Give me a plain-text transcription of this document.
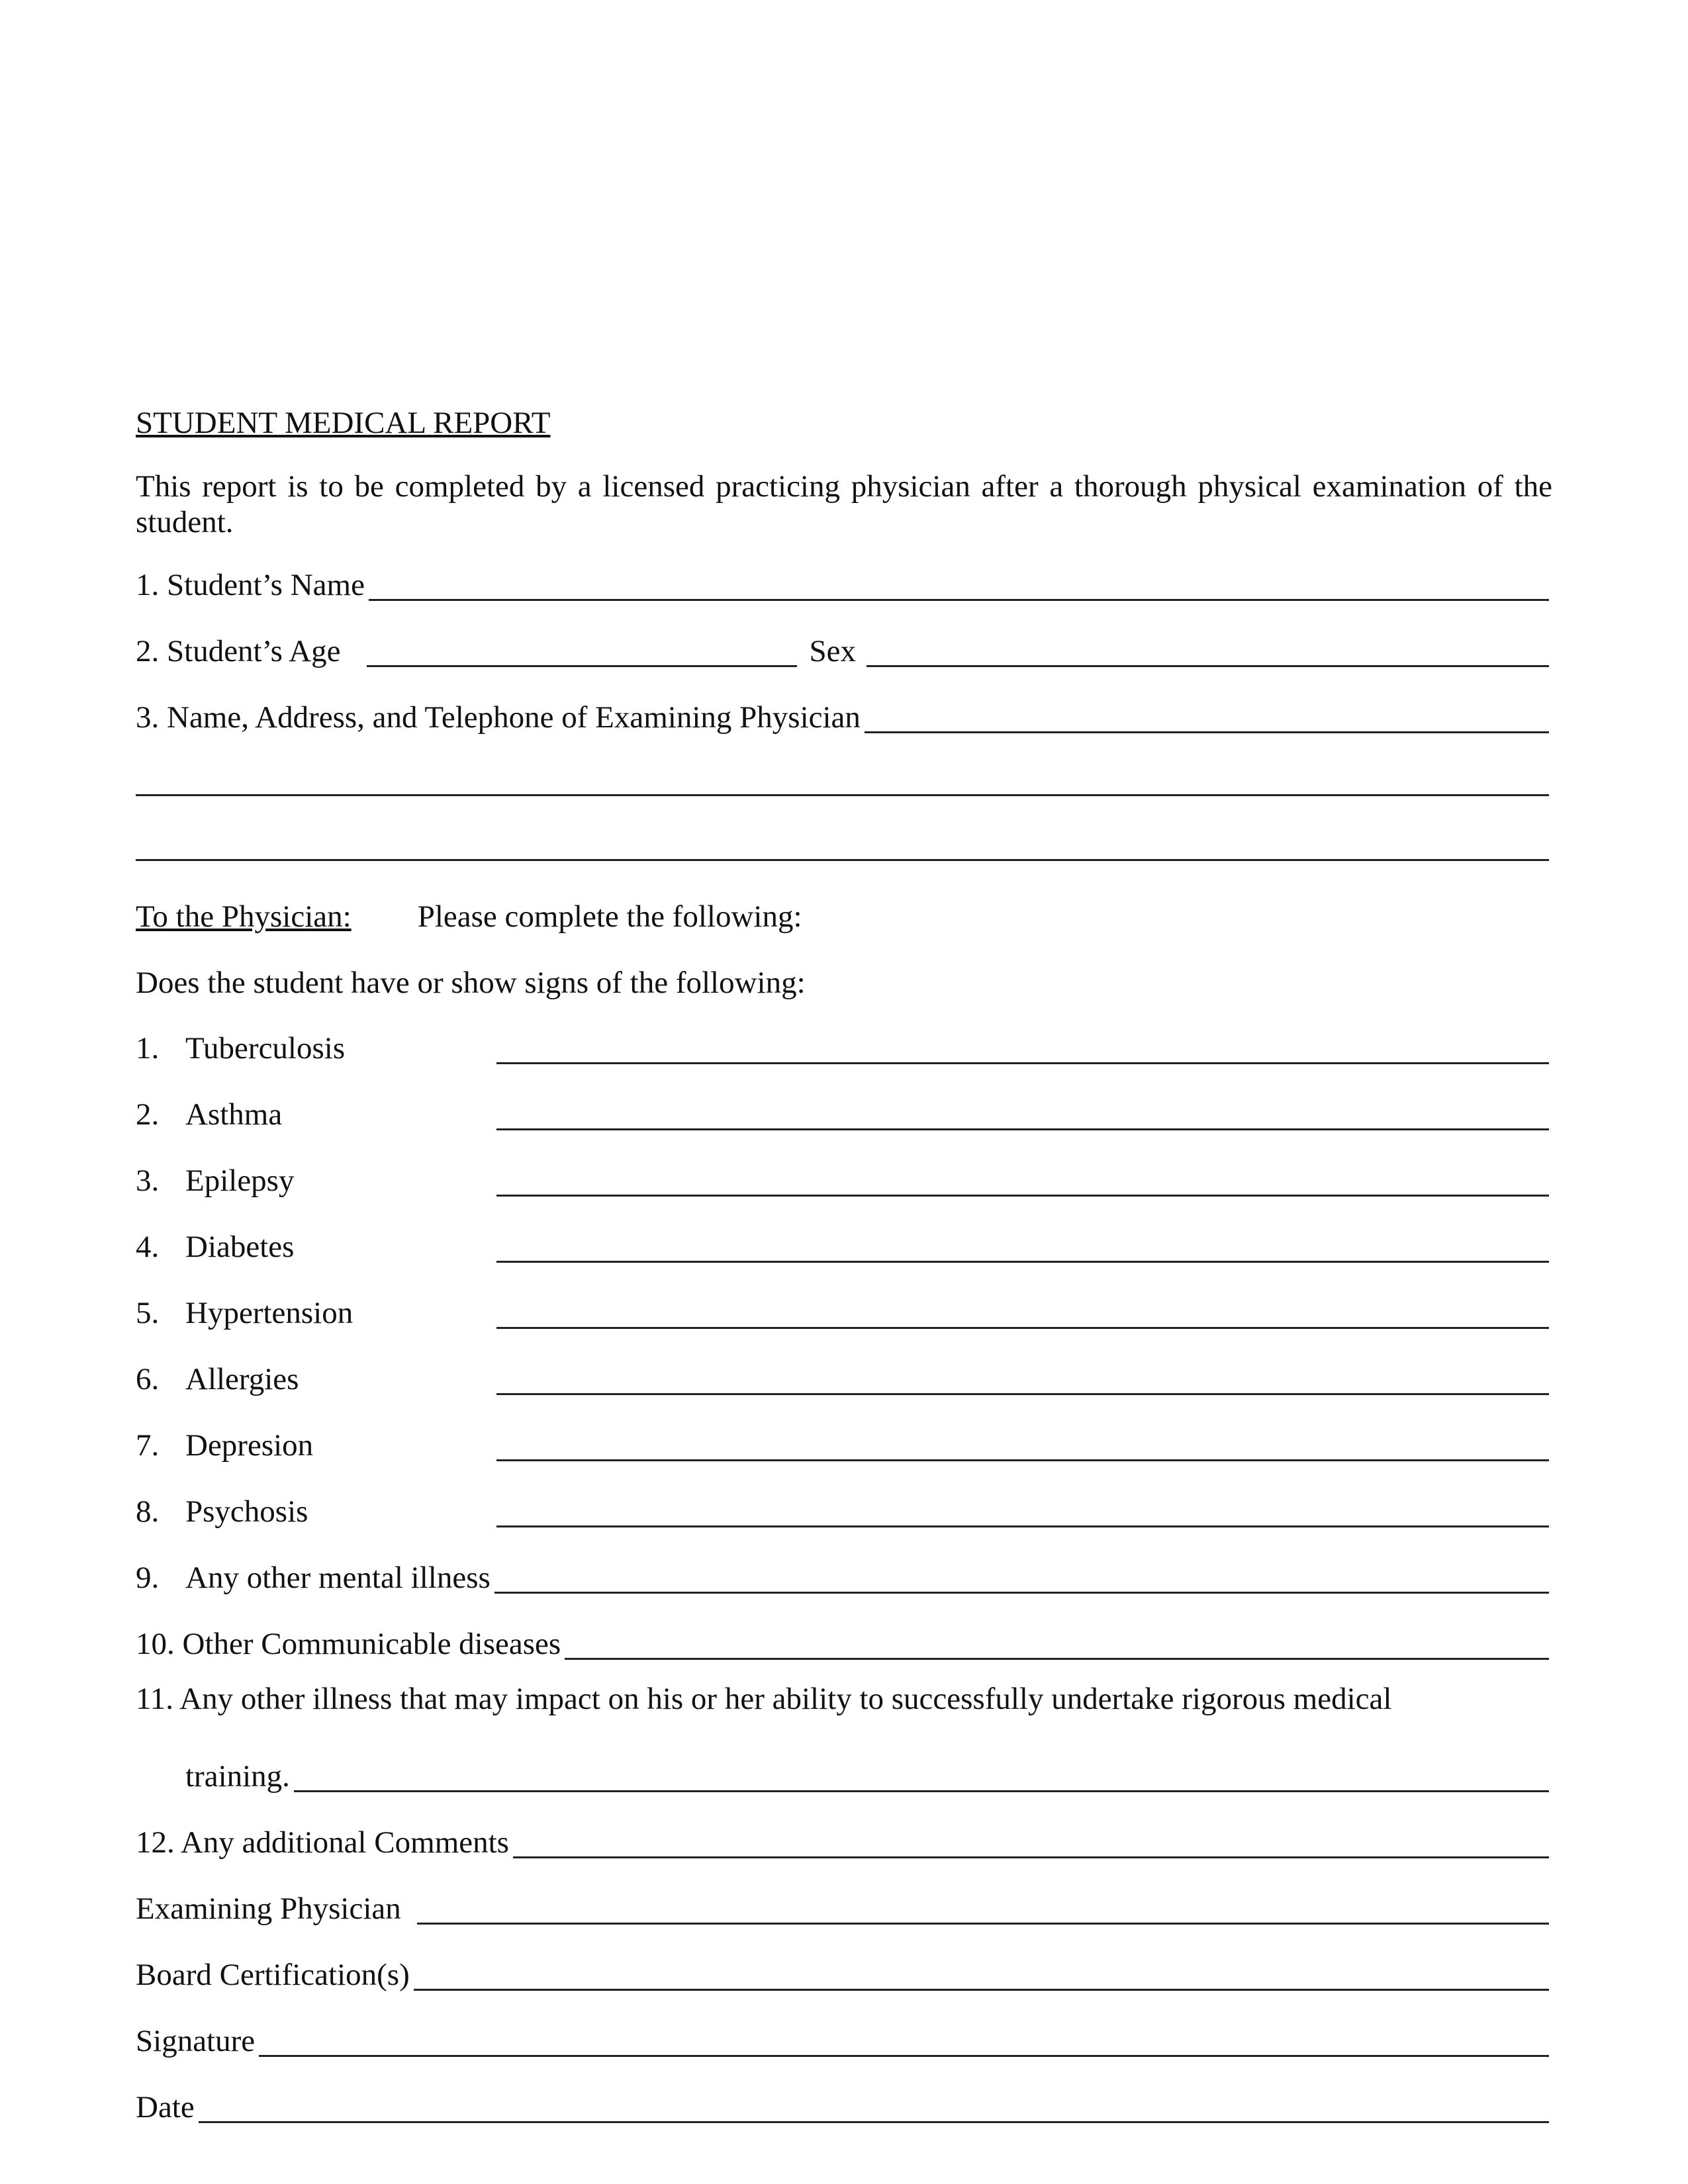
STUDENT MEDICAL REPORT
This report is to be completed by a licensed practicing physician after a thorough physical examination of the student.
1. Student’s Name
2. Student’s Age	Sex
3. Name, Address, and Telephone of Examining Physician
To the Physician: Please complete the following:
Does the student have or show signs of the following:
1. Tuberculosis
2. Asthma
3. Epilepsy
4. Diabetes
5. Hypertension
6. Allergies
7. Depresion
8. Psychosis
9. Any other mental illness
10. Other Communicable diseases
11. Any other illness that may impact on his or her ability to successfully undertake rigorous medical
training.
12. Any additional Comments
Examining Physician
Board Certification(s)
Signature
Date
